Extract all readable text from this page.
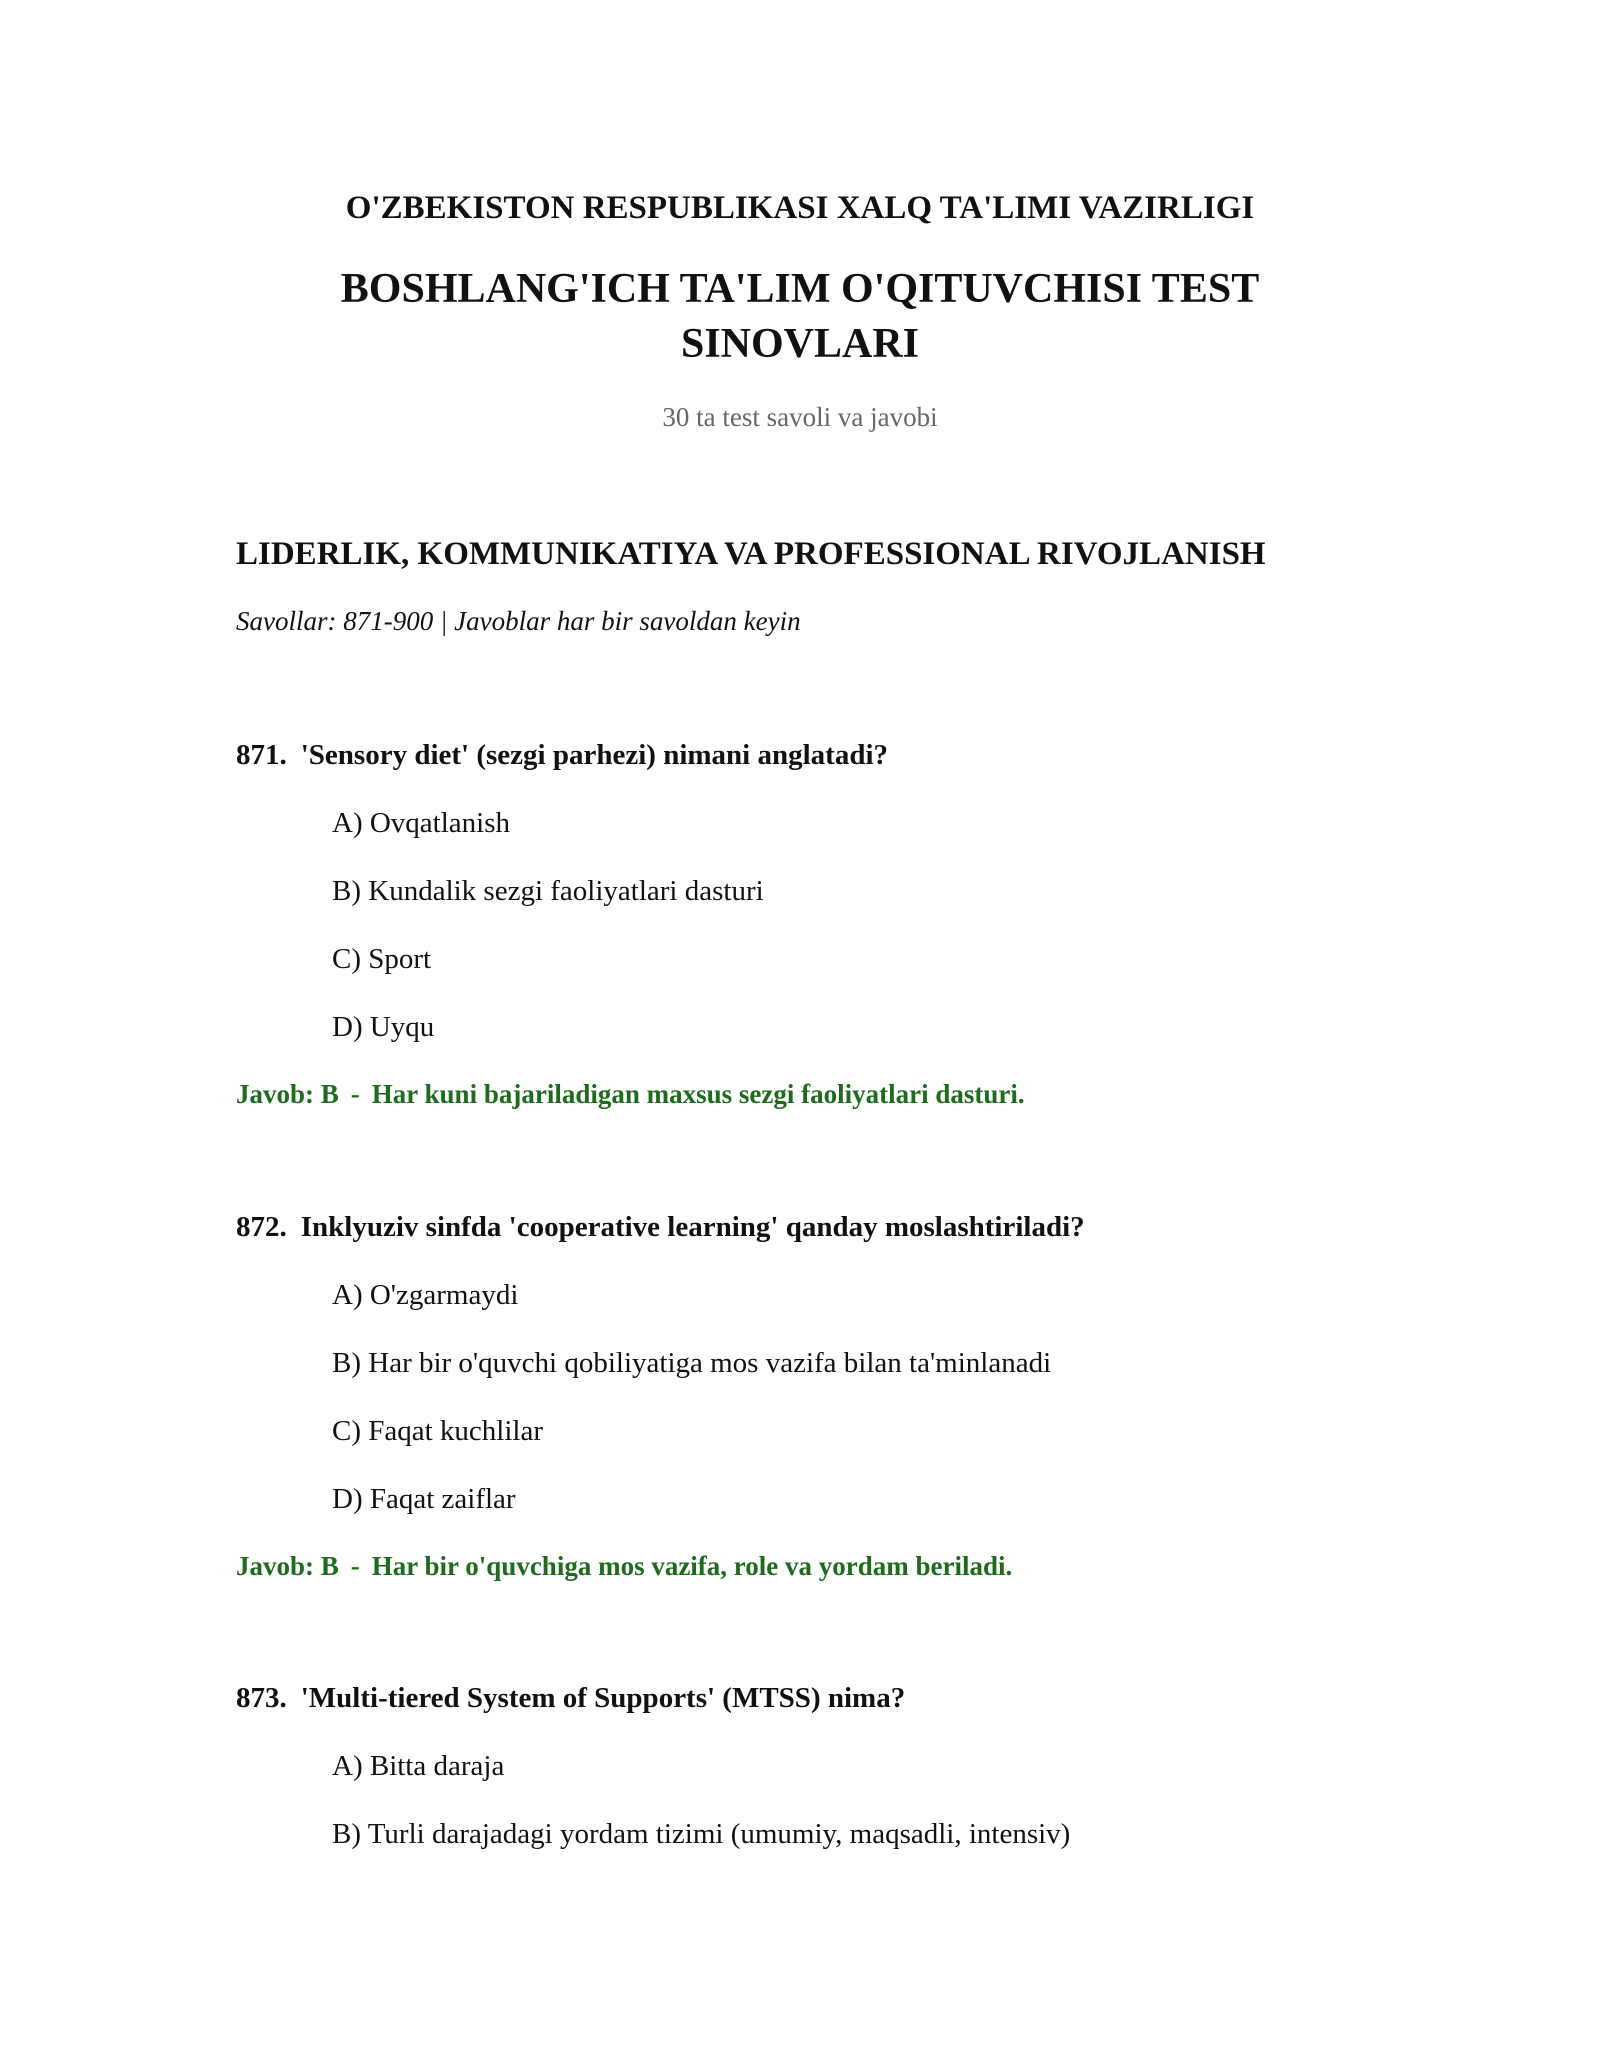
O'ZBEKISTON RESPUBLIKASI XALQ TA'LIMI VAZIRLIGI
BOSHLANG'ICH TA'LIM O'QITUVCHISI TEST SINOVLARI
30 ta test savoli va javobi
LIDERLIK, KOMMUNIKATIYA VA PROFESSIONAL RIVOJLANISH
Savollar: 871-900 | Javoblar har bir savoldan keyin
871. 'Sensory diet' (sezgi parhezi) nimani anglatadi?
A) Ovqatlanish
B) Kundalik sezgi faoliyatlari dasturi
C) Sport
D) Uyqu
Javob: B - Har kuni bajariladigan maxsus sezgi faoliyatlari dasturi.
872. Inklyuziv sinfda 'cooperative learning' qanday moslashtiriladi?
A) O'zgarmaydi
B) Har bir o'quvchi qobiliyatiga mos vazifa bilan ta'minlanadi
C) Faqat kuchlilar
D) Faqat zaiflar
Javob: B - Har bir o'quvchiga mos vazifa, role va yordam beriladi.
873. 'Multi-tiered System of Supports' (MTSS) nima?
A) Bitta daraja
B) Turli darajadagi yordam tizimi (umumiy, maqsadli, intensiv)
